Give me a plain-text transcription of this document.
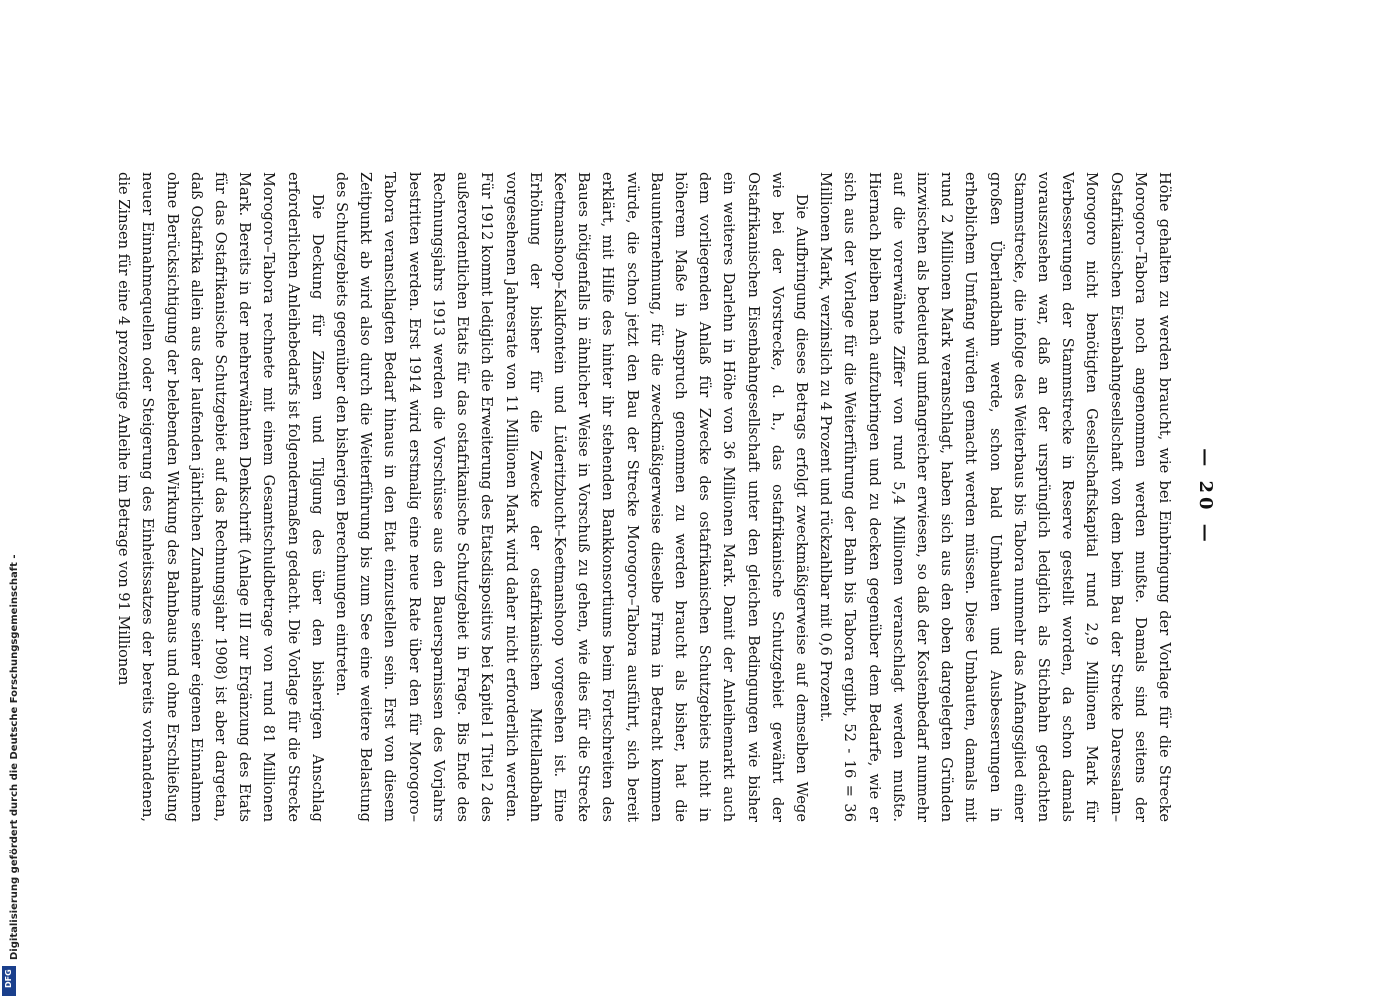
Digitalisierung gefördert durch die Deutsche Forschungsgemeinschaft -
DFG
— 20 —

Höhe gehalten zu werden braucht, wie bei Einbringung der Vorlage für die Strecke Morogoro–Tabora noch angenommen werden mußte. Damals sind seitens der Ostafrikanischen Eisenbahngesellschaft von dem beim Bau der Strecke Daressalam–Morogoro nicht benötigten Gesellschaftskapital rund 2,9 Millionen Mark für Verbesserungen der Stammstrecke in Reserve gestellt worden, da schon damals vorauszusehen war, daß an der ursprünglich lediglich als Stichbahn gedachten Stammstrecke, die infolge des Weiterbaus bis Tabora nunmehr das Anfangsglied einer großen Überlandbahn werde, schon bald Umbauten und Ausbesserungen in erheblichem Umfang würden gemacht werden müssen. Diese Umbauten, damals mit rund 2 Millionen Mark veranschlagt, haben sich aus den oben dargelegten Gründen inzwischen als bedeutend umfangreicher erwiesen, so daß der Kostenbedarf nunmehr auf die vorerwähnte Ziffer von rund 5,4 Millionen veranschlagt werden mußte. Hiernach bleiben nach aufzubringen und zu decken gegenüber dem Bedarfe, wie er sich aus der Vorlage für die Weiterführung der Bahn bis Tabora ergibt, 52 - 16 = 36 Millionen Mark, verzinslich zu 4 Prozent und rückzahlbar mit 0,6 Prozent.

Die Aufbringung dieses Betrags erfolgt zweckmäßigerweise auf demselben Wege wie bei der Vorstrecke, d. h., das ostafrikanische Schutzgebiet gewährt der Ostafrikanischen Eisenbahngesellschaft unter den gleichen Bedingungen wie bisher ein weiteres Darlehn in Höhe von 36 Millionen Mark. Damit der Anleihemarkt auch dem vorliegenden Anlaß für Zwecke des ostafrikanischen Schutzgebiets nicht in höherem Maße in Anspruch genommen zu werden braucht als bisher, hat die Bauunternehmung, für die zweckmäßigerweise dieselbe Firma in Betracht kommen würde, die schon jetzt den Bau der Strecke Morogoro–Tabora ausführt, sich bereit erklärt, mit Hilfe des hinter ihr stehenden Bankkonsortiums beim Fortschreiten des Baues nötigenfalls in ähnlicher Weise in Vorschuß zu gehen, wie dies für die Strecke Keetmanshoop–Kalkfontein und Lüderitzbucht–Keetmanshoop vorgesehen ist. Eine Erhöhung der bisher für die Zwecke der ostafrikanischen Mittellandbahn vorgesehenen Jahresrate von 11 Millionen Mark wird daher nicht erforderlich werden. Für 1912 kommt lediglich die Erweiterung des Etatsdispositivs bei Kapitel 1 Titel 2 des außerordentlichen Etats für das ostafrikanische Schutzgebiet in Frage. Bis Ende des Rechnungsjahrs 1913 werden die Vorschüsse aus den Bauersparnissen des Vorjahrs bestritten werden. Erst 1914 wird erstmalig eine neue Rate über den für Morogoro–Tabora veranschlagten Bedarf hinaus in den Etat einzustellen sein. Erst von diesem Zeitpunkt ab wird also durch die Weiterführung bis zum See eine weitere Belastung des Schutzgebiets gegenüber den bisherigen Berechnungen eintreten.

Die Deckung für Zinsen und Tilgung des über den bisherigen Anschlag erforderlichen Anleihebedarfs ist folgendermaßen gedacht. Die Vorlage für die Strecke Morogoro–Tabora rechnete mit einem Gesamtschuldbetrage von rund 81 Millionen Mark. Bereits in der mehrerwähnten Denkschrift (Anlage III zur Ergänzung des Etats für das Ostafrikanische Schutzgebiet auf das Rechnungsjahr 1908) ist aber dargetan, daß Ostafrika allein aus der laufenden jährlichen Zunahme seiner eigenen Einnahmen ohne Berücksichtigung der belebenden Wirkung des Bahnbaus und ohne Erschließung neuer Einnahmequellen oder Steigerung des Einheitssatzes der bereits vorhandenen, die Zinsen für eine 4 prozentige Anleihe im Betrage von 91 Millionen
